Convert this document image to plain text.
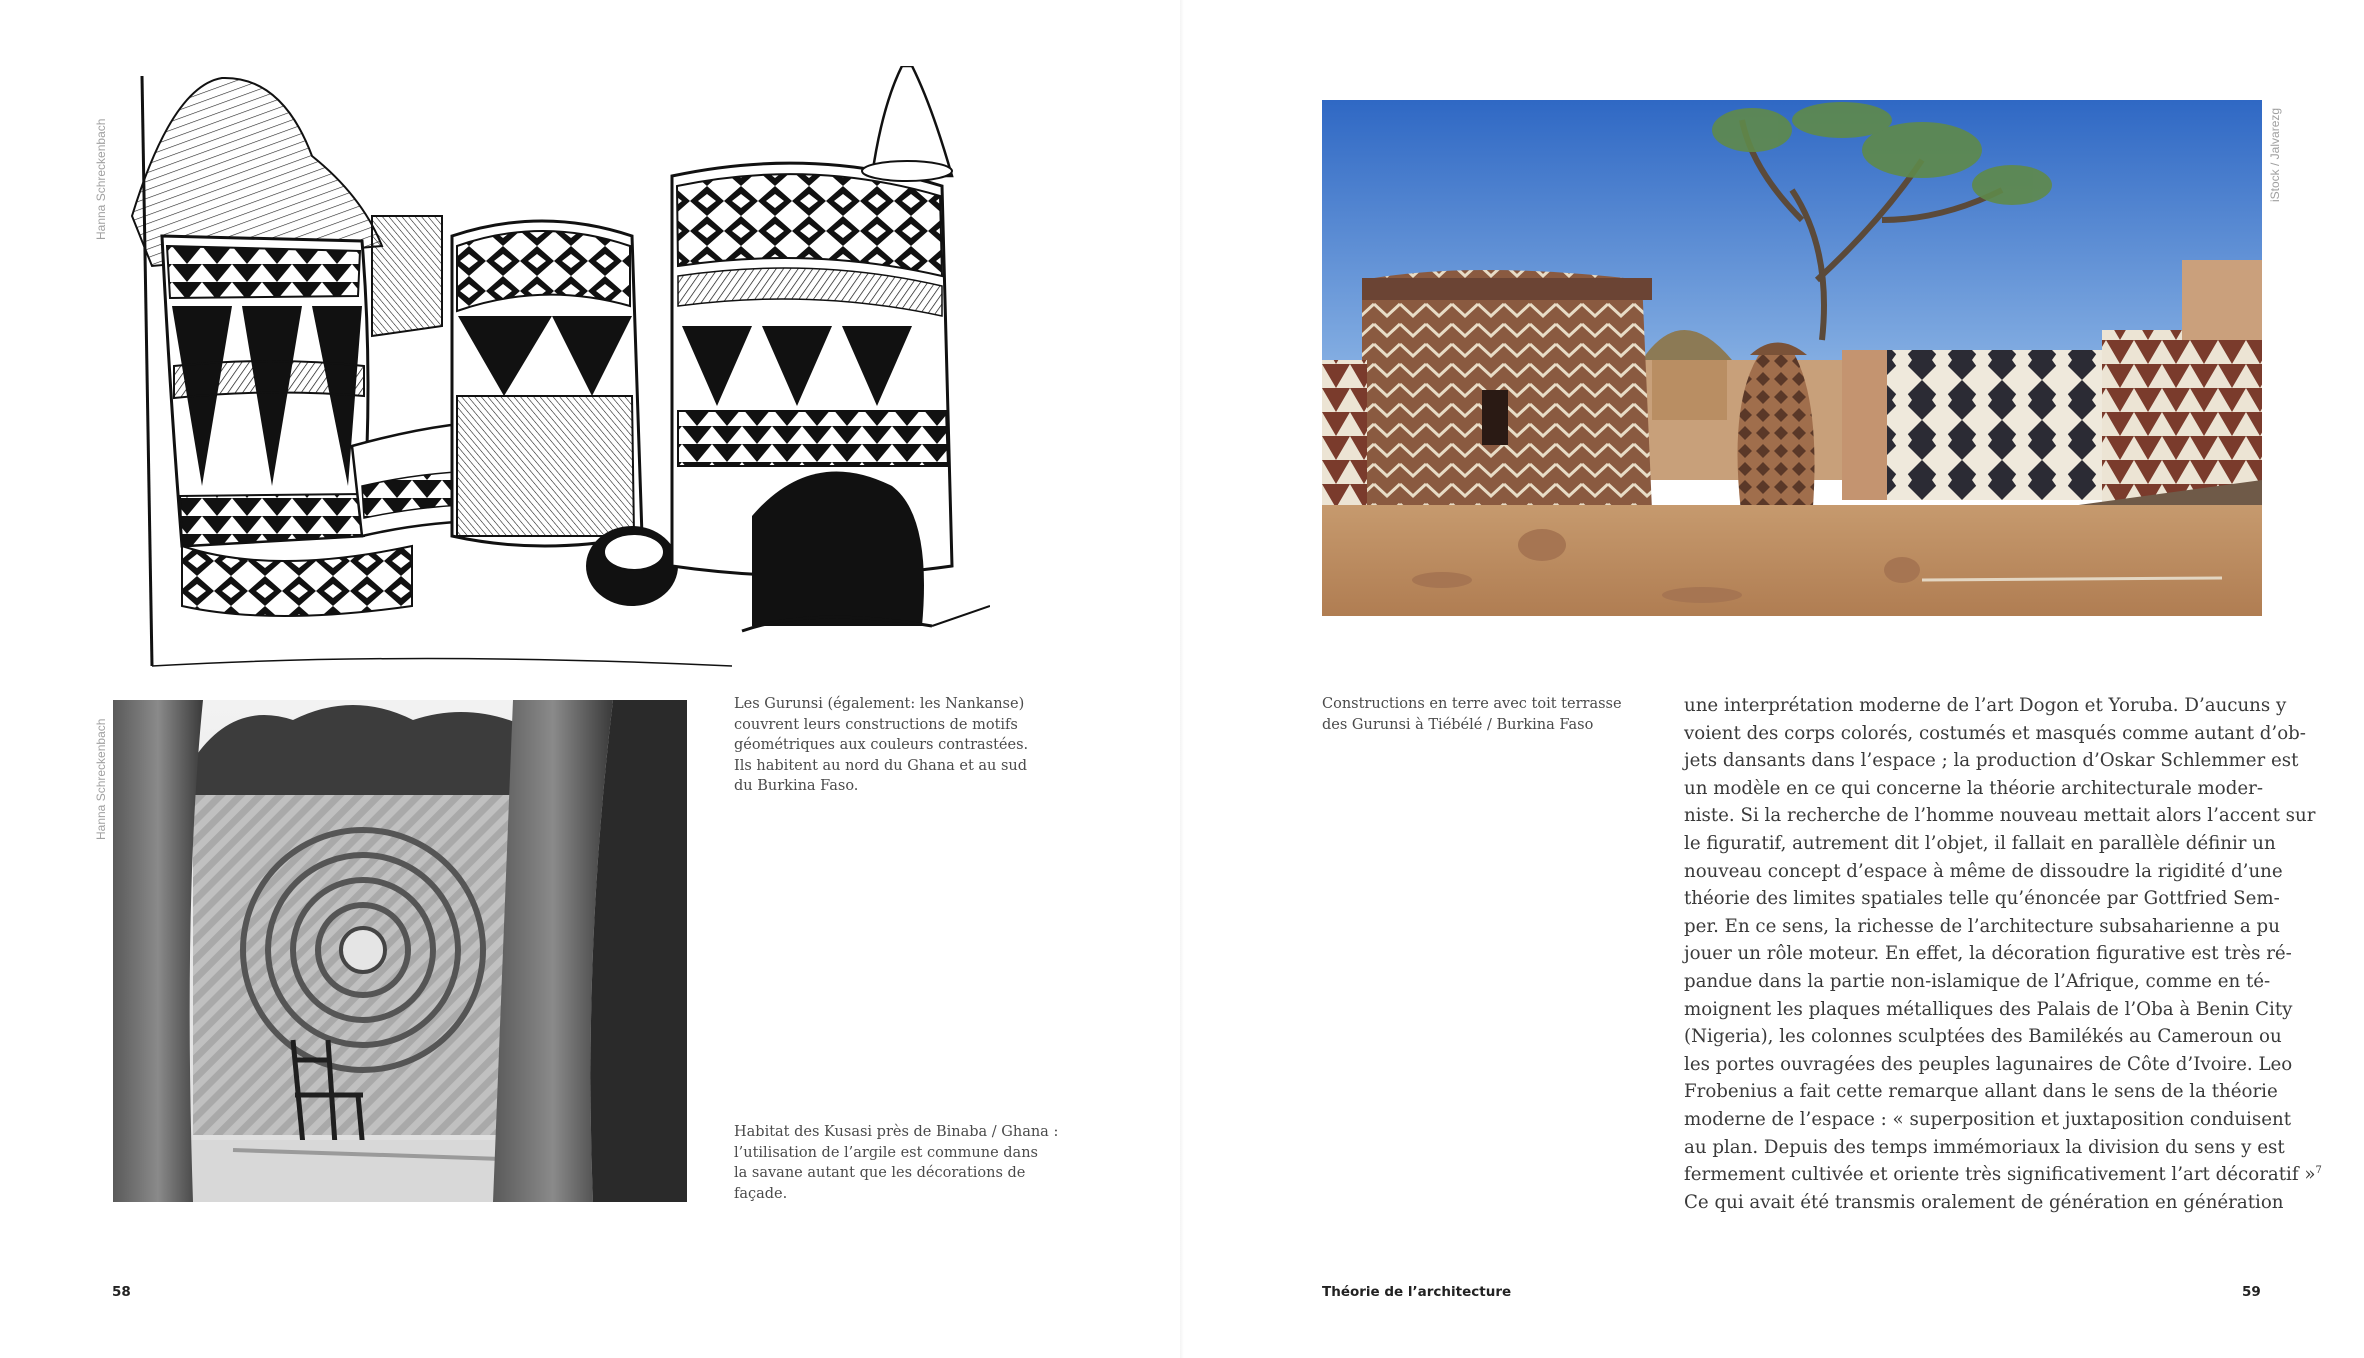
Hanna Schreckenbach
Hanna Schreckenbach
Les Gurunsi (également: les Nankanse)
couvrent leurs constructions de motifs
géométriques aux couleurs contrastées.
Ils habitent au nord du Ghana et au sud
du Burkina Faso.
Habitat des Kusasi près de Binaba / Ghana :
l’utilisation de l’argile est commune dans
la savane autant que les décorations de
façade.
iStock / Jalvarezg
Constructions en terre avec toit terrasse
des Gurunsi à Tiébélé / Burkina Faso
une interprétation moderne de l’art Dogon et Yoruba. D’aucuns y
voient des corps colorés, costumés et masqués comme autant d’ob-
jets dansants dans l’espace ; la production d’Oskar Schlemmer est
un modèle en ce qui concerne la théorie architecturale moder-
niste. Si la recherche de l’homme nouveau mettait alors l’accent sur
le figuratif, autrement dit l’objet, il fallait en parallèle définir un
nouveau concept d’espace à même de dissoudre la rigidité d’une
théorie des limites spatiales telle qu’énoncée par Gottfried Sem-
per. En ce sens, la richesse de l’architecture subsaharienne a pu
jouer un rôle moteur. En effet, la décoration figurative est très ré-
pandue dans la partie non-islamique de l’Afrique, comme en té-
moignent les plaques métalliques des Palais de l’Oba à Benin City
(Nigeria), les colonnes sculptées des Bamilékés au Cameroun ou
les portes ouvragées des peuples lagunaires de Côte d’Ivoire. Leo
Frobenius a fait cette remarque allant dans le sens de la théorie
moderne de l’espace : « superposition et juxtaposition conduisent
au plan. Depuis des temps immémoriaux la division du sens y est
fermement cultivée et oriente très significativement l’art décoratif »$^7$
Ce qui avait été transmis oralement de génération en génération
58	Théorie de l’architecture	59
